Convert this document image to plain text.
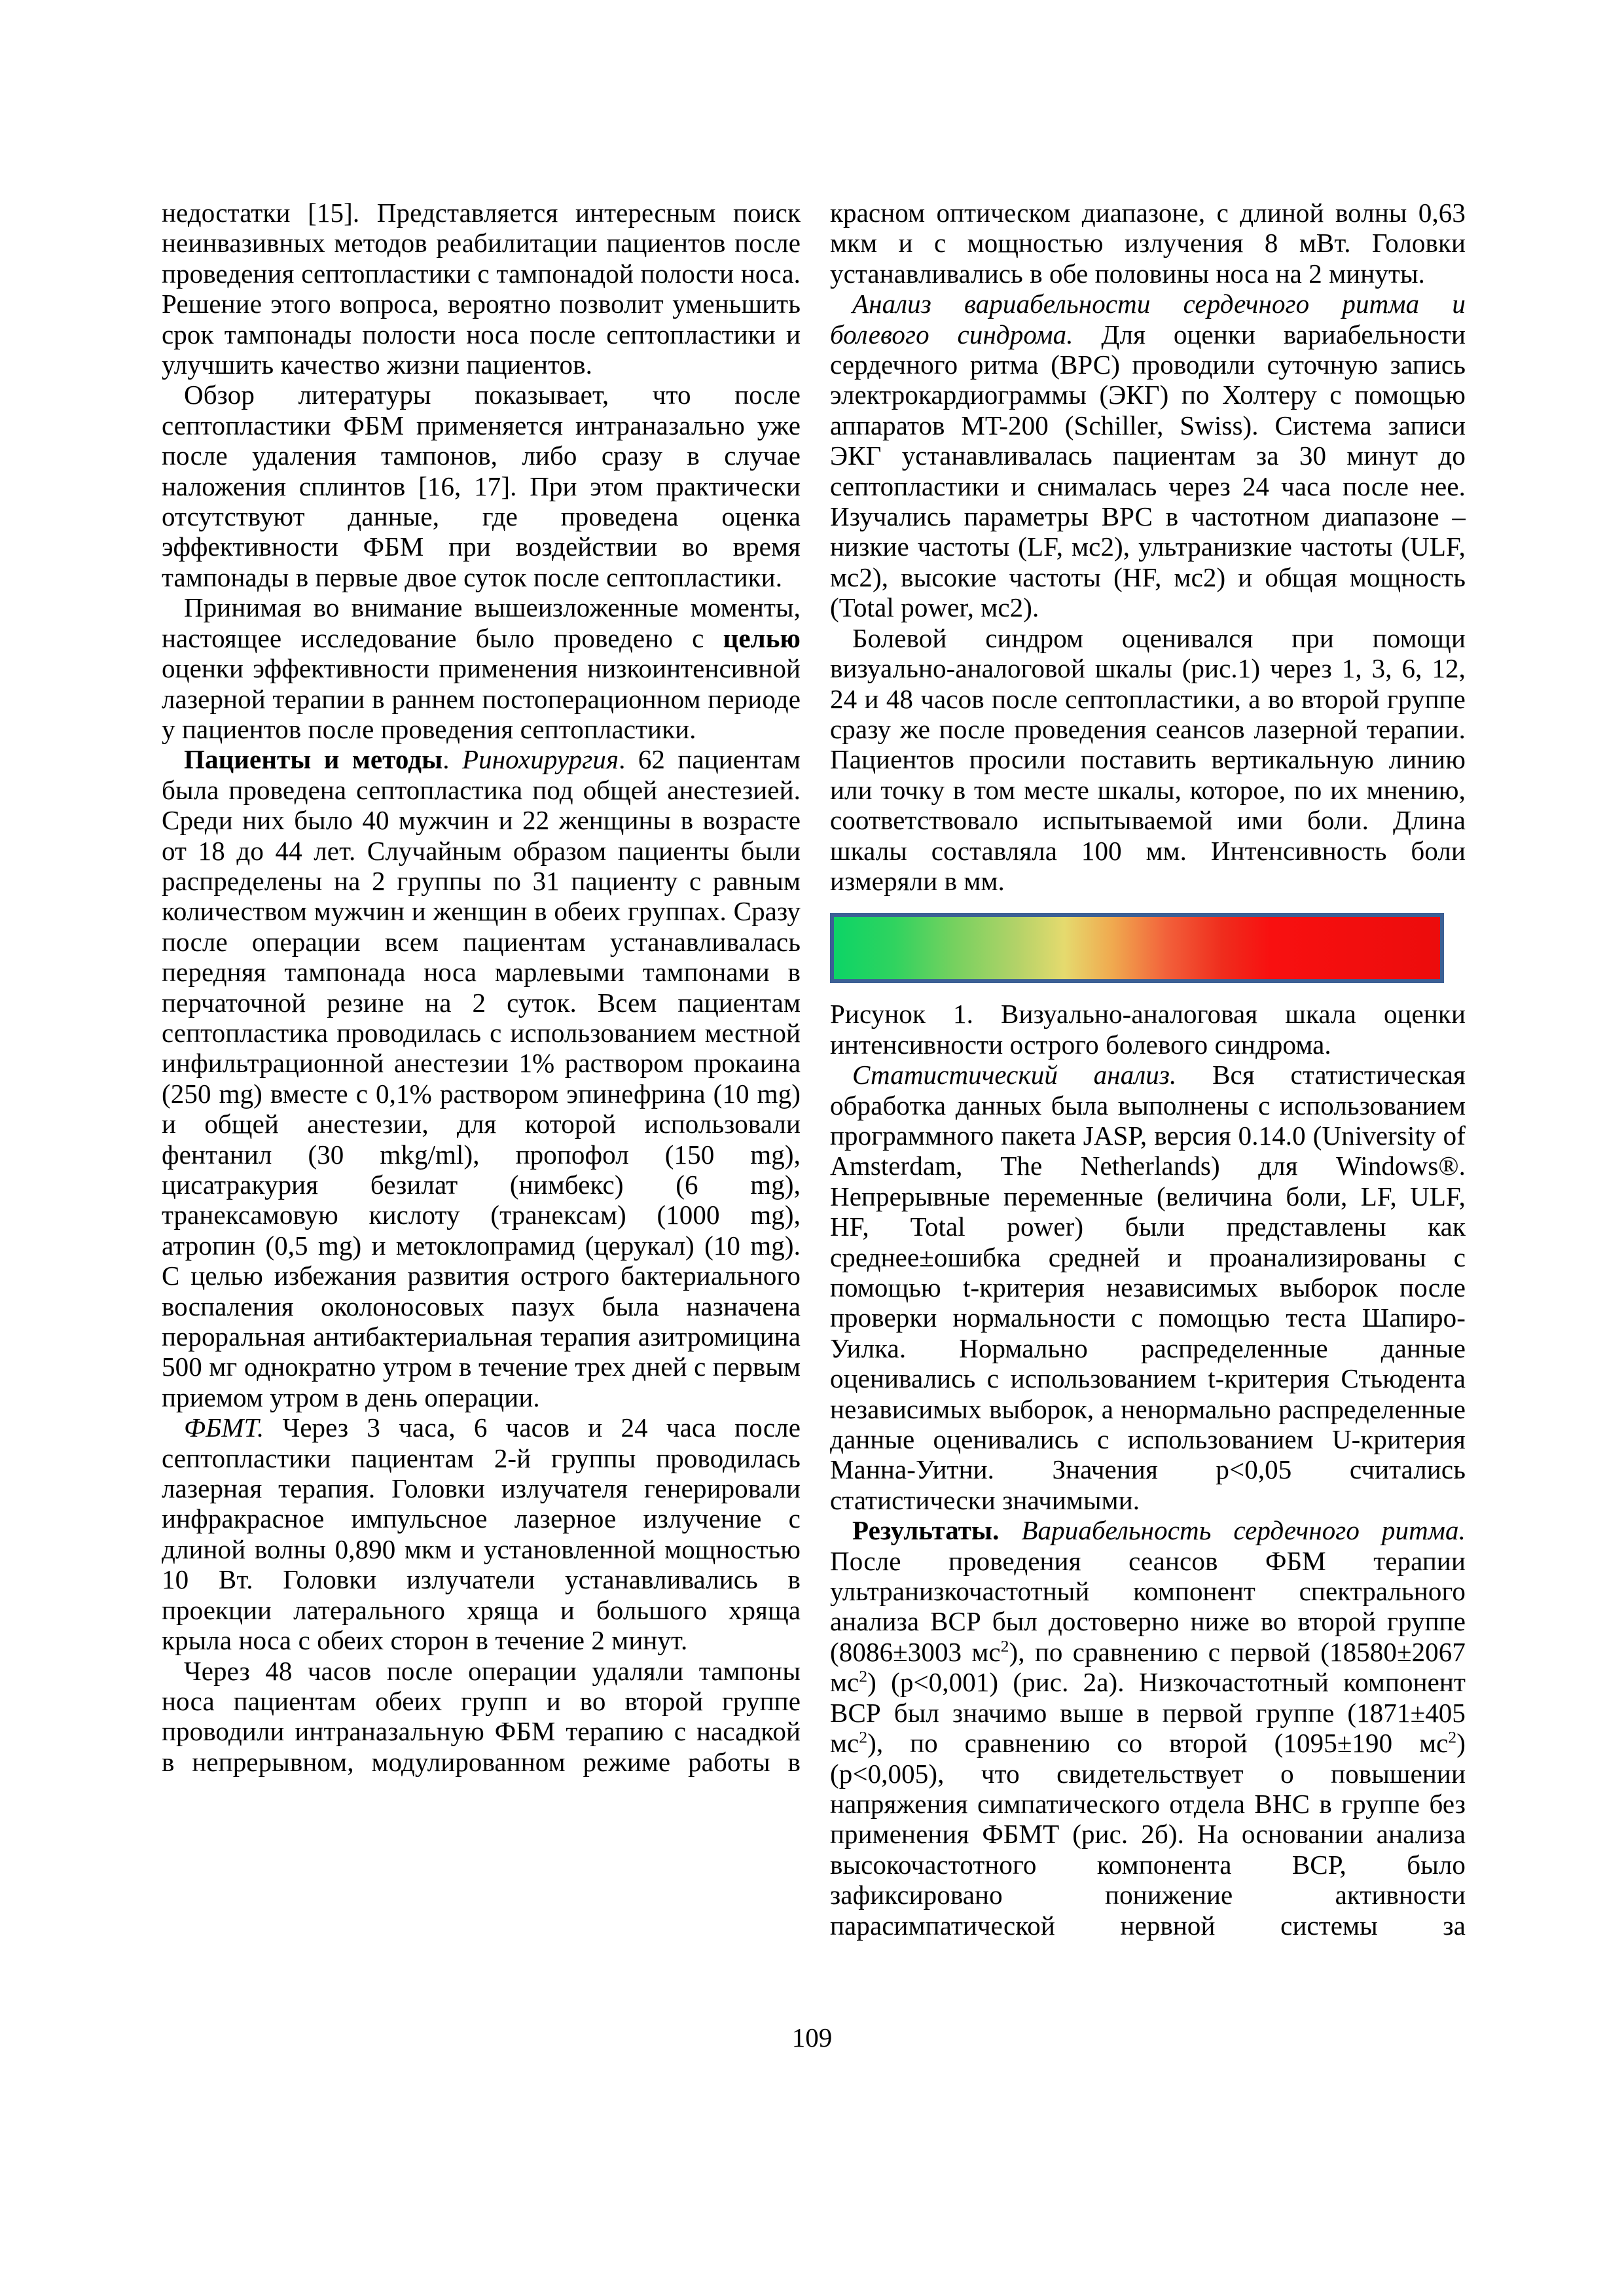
недостатки [15]. Представляется интересным поиск неинвазивных методов реабилитации пациентов после проведения септопластики с тампонадой полости носа. Решение этого вопроса, вероятно позволит уменьшить срок тампонады полости носа после септопластики и улучшить качество жизни пациентов.

Обзор литературы показывает, что после септопластики ФБМ применяется интраназально уже после удаления тампонов, либо сразу в случае наложения сплинтов [16, 17]. При этом практически отсутствуют данные, где проведена оценка эффективности ФБМ при воздействии во время тампонады в первые двое суток после септопластики.

Принимая во внимание вышеизложенные моменты, настоящее исследование было проведено с целью оценки эффективности применения низкоинтенсивной лазерной терапии в раннем постоперационном периоде у пациентов после проведения септопластики.

Пациенты и методы. Ринохирургия. 62 пациентам была проведена септопластика под общей анестезией. Среди них было 40 мужчин и 22 женщины в возрасте от 18 до 44 лет. Случайным образом пациенты были распределены на 2 группы по 31 пациенту с равным количеством мужчин и женщин в обеих группах. Сразу после операции всем пациентам устанавливалась передняя тампонада носа марлевыми тампонами в перчаточной резине на 2 суток. Всем пациентам септопластика проводилась с использованием местной инфильтрационной анестезии 1% раствором прокаина (250 mg) вместе с 0,1% раствором эпинефрина (10 mg) и общей анестезии, для которой использовали фентанил (30 mkg/ml), пропофол (150 mg), цисатракурия безилат (нимбекс) (6 mg), транексамовую кислоту (транексам) (1000 mg), атропин (0,5 mg) и метоклопрамид (церукал) (10 mg). С целью избежания развития острого бактериального воспаления околоносовых пазух была назначена пероральная антибактериальная терапия азитромицина 500 мг однократно утром в течение трех дней с первым приемом утром в день операции.

ФБМТ. Через 3 часа, 6 часов и 24 часа после септопластики пациентам 2-й группы проводилась лазерная терапия. Головки излучателя генерировали инфракрасное импульсное лазерное излучение с длиной волны 0,890 мкм и установленной мощностью 10 Вт. Головки излучатели устанавливались в проекции латерального хряща и большого хряща крыла носа с обеих сторон в течение 2 минут.

Через 48 часов после операции удаляли тампоны носа пациентам обеих групп и во второй группе проводили интраназальную ФБМ терапию с насадкой в непрерывном, модулированном режиме работы в

красном оптическом диапазоне, с длиной волны 0,63 мкм и с мощностью излучения 8 мВт. Головки устанавливались в обе половины носа на 2 минуты.

Анализ вариабельности сердечного ритма и болевого синдрома. Для оценки вариабельности сердечного ритма (ВРС) проводили суточную запись электрокардиограммы (ЭКГ) по Холтеру с помощью аппаратов MT-200 (Schiller, Swiss). Система записи ЭКГ устанавливалась пациентам за 30 минут до септопластики и снималась через 24 часа после нее. Изучались параметры ВРС в частотном диапазоне – низкие частоты (LF, мс2), ультранизкие частоты (ULF, мс2), высокие частоты (HF, мс2) и общая мощность (Total power, мс2).

Болевой синдром оценивался при помощи визуально-аналоговой шкалы (рис.1) через 1, 3, 6, 12, 24 и 48 часов после септопластики, а во второй группе сразу же после проведения сеансов лазерной терапии. Пациентов просили поставить вертикальную линию или точку в том месте шкалы, которое, по их мнению, соответствовало испытываемой ими боли. Длина шкалы составляла 100 мм. Интенсивность боли измеряли в мм.

Рисунок 1. Визуально-аналоговая шкала оценки интенсивности острого болевого синдрома.

Статистический анализ. Вся статистическая обработка данных была выполнены с использованием программного пакета JASP, версия 0.14.0 (University of Amsterdam, The Netherlands) для Windows®. Непрерывные переменные (величина боли, LF, ULF, HF, Total power) были представлены как среднее±ошибка средней и проанализированы с помощью t-критерия независимых выборок после проверки нормальности с помощью теста Шапиро-Уилка. Нормально распределенные данные оценивались с использованием t-критерия Стьюдента независимых выборок, а ненормально распределенные данные оценивались с использованием U-критерия Манна-Уитни. Значения p<0,05 считались статистически значимыми.

Результаты. Вариабельность сердечного ритма. После проведения сеансов ФБМ терапии ультранизкочастотный компонент спектрального анализа ВСР был достоверно ниже во второй группе (8086±3003 $мс^2$), по сравнению с первой (18580±2067 $мс^2$) (p<0,001) (рис. 2а). Низкочастотный компонент ВСР был значимо выше в первой группе (1871±405 $мс^2$), по сравнению со второй (1095±190 $мс^2$) (p<0,005), что свидетельствует о повышении напряжения симпатического отдела ВНС в группе без применения ФБМТ (рис. 2б). На основании анализа высокочастотного компонента ВСР, было зафиксировано понижение активности парасимпатической нервной системы за

109
